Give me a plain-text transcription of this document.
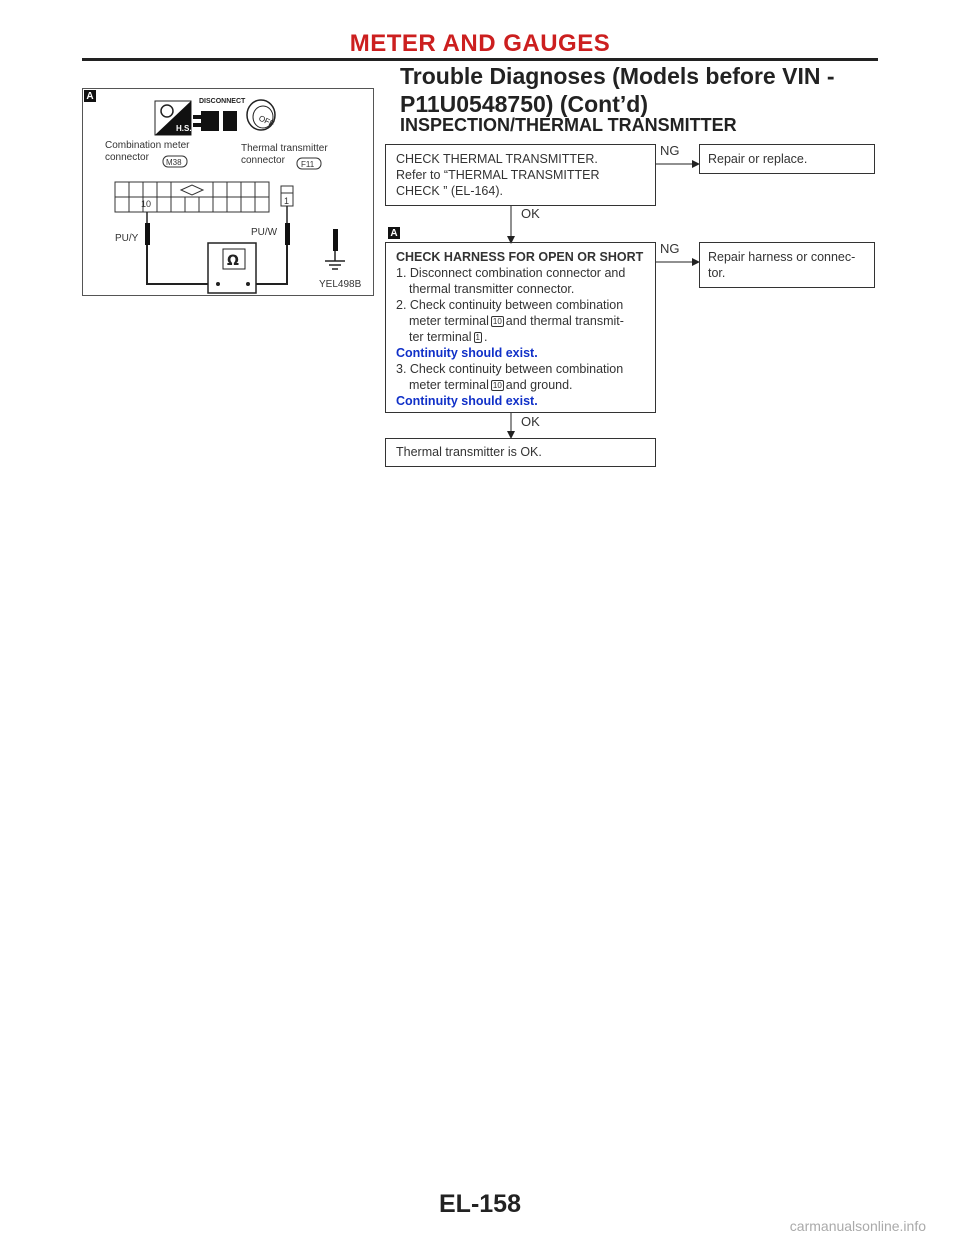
METER AND GAUGES
Trouble Diagnoses (Models before VIN -
P11U0548750) (Cont’d)
INSPECTION/THERMAL TRANSMITTER
A
A
H.S.
DISCONNECT
OFF
Combination meter
connector M38
Thermal transmitter
connector F11
10	1
PU/Y
PU/W
Ω
YEL498B
CHECK THERMAL TRANSMITTER.
Refer to “THERMAL TRANSMITTER
CHECK ” (EL-164).
NG
Repair or replace.
OK
CHECK HARNESS FOR OPEN OR SHORT
1. Disconnect combination connector and
thermal transmitter connector.
2. Check continuity between combination
meter terminal 10 and thermal transmit-
ter terminal 1 .
Continuity should exist.
3. Check continuity between combination
meter terminal 10 and ground.
Continuity should exist.
NG
Repair harness or connec-
tor.
OK
Thermal transmitter is OK.
EL-158
carmanualsonline.info
